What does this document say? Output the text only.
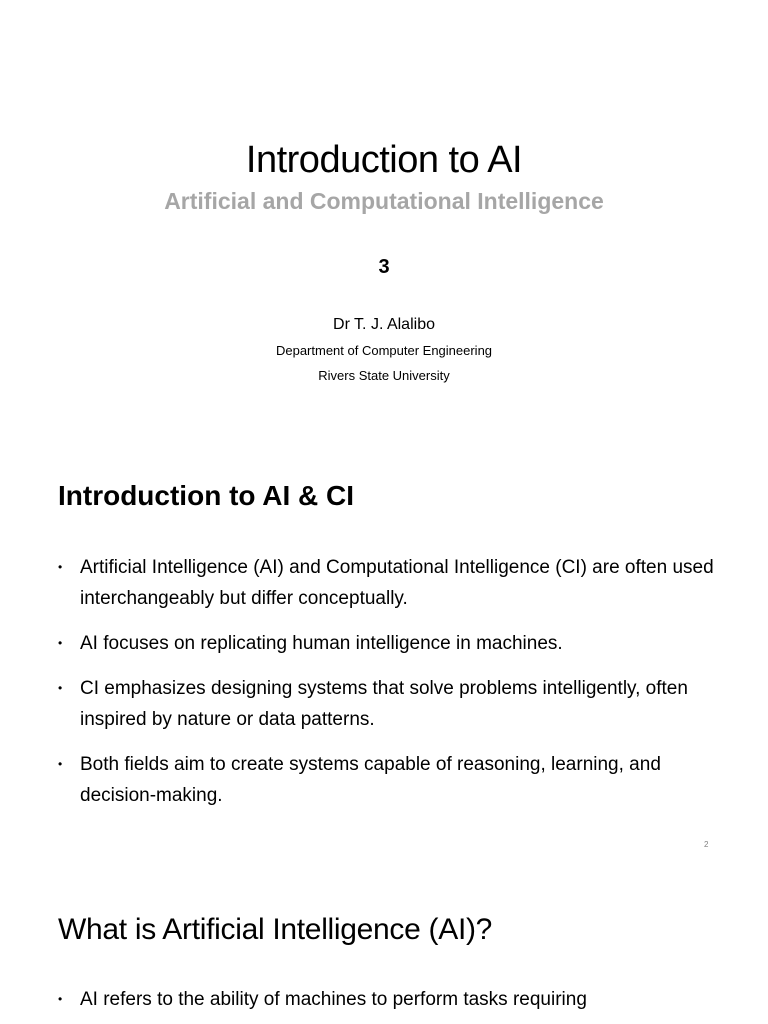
Introduction to AI
Artificial and Computational Intelligence
3
Dr T. J. Alalibo
Department of Computer Engineering
Rivers State University
Introduction to AI & CI
• Artificial Intelligence (AI) and Computational Intelligence (CI) are often used interchangeably but differ conceptually.
• AI focuses on replicating human intelligence in machines.
• CI emphasizes designing systems that solve problems intelligently, often inspired by nature or data patterns.
• Both fields aim to create systems capable of reasoning, learning, and decision-making.
2
What is Artificial Intelligence (AI)?
• AI refers to the ability of machines to perform tasks requiring
